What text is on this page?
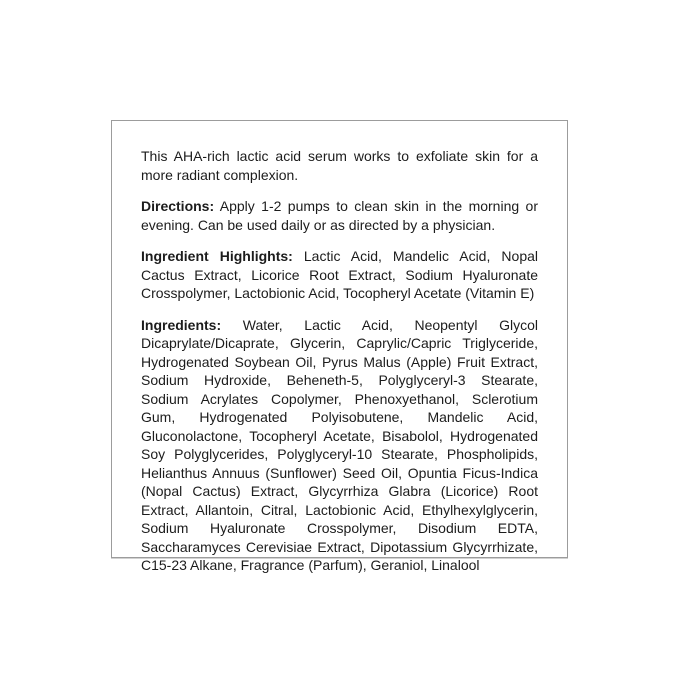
This AHA-rich lactic acid serum works to exfoliate skin for a more radiant complexion.

Directions: Apply 1-2 pumps to clean skin in the morning or evening. Can be used daily or as directed by a physician.

Ingredient Highlights: Lactic Acid, Mandelic Acid, Nopal Cactus Extract, Licorice Root Extract, Sodium Hyaluronate Crosspolymer, Lactobionic Acid, Tocopheryl Acetate (Vitamin E)

Ingredients: Water, Lactic Acid, Neopentyl Glycol Dicaprylate/Dicaprate, Glycerin, Caprylic/Capric Triglyceride, Hydrogenated Soybean Oil, Pyrus Malus (Apple) Fruit Extract, Sodium Hydroxide, Beheneth-5, Polyglyceryl-3 Stearate, Sodium Acrylates Copolymer, Phenoxyethanol, Sclerotium Gum, Hydrogenated Polyisobutene, Mandelic Acid, Gluconolactone, Tocopheryl Acetate, Bisabolol, Hydrogenated Soy Polyglycerides, Polyglyceryl-10 Stearate, Phospholipids, Helianthus Annuus (Sunflower) Seed Oil, Opuntia Ficus-Indica (Nopal Cactus) Extract, Glycyrrhiza Glabra (Licorice) Root Extract, Allantoin, Citral, Lactobionic Acid, Ethylhexylglycerin, Sodium Hyaluronate Crosspolymer, Disodium EDTA, Saccharamyces Cerevisiae Extract, Dipotassium Glycyrrhizate, C15-23 Alkane, Fragrance (Parfum), Geraniol, Linalool
